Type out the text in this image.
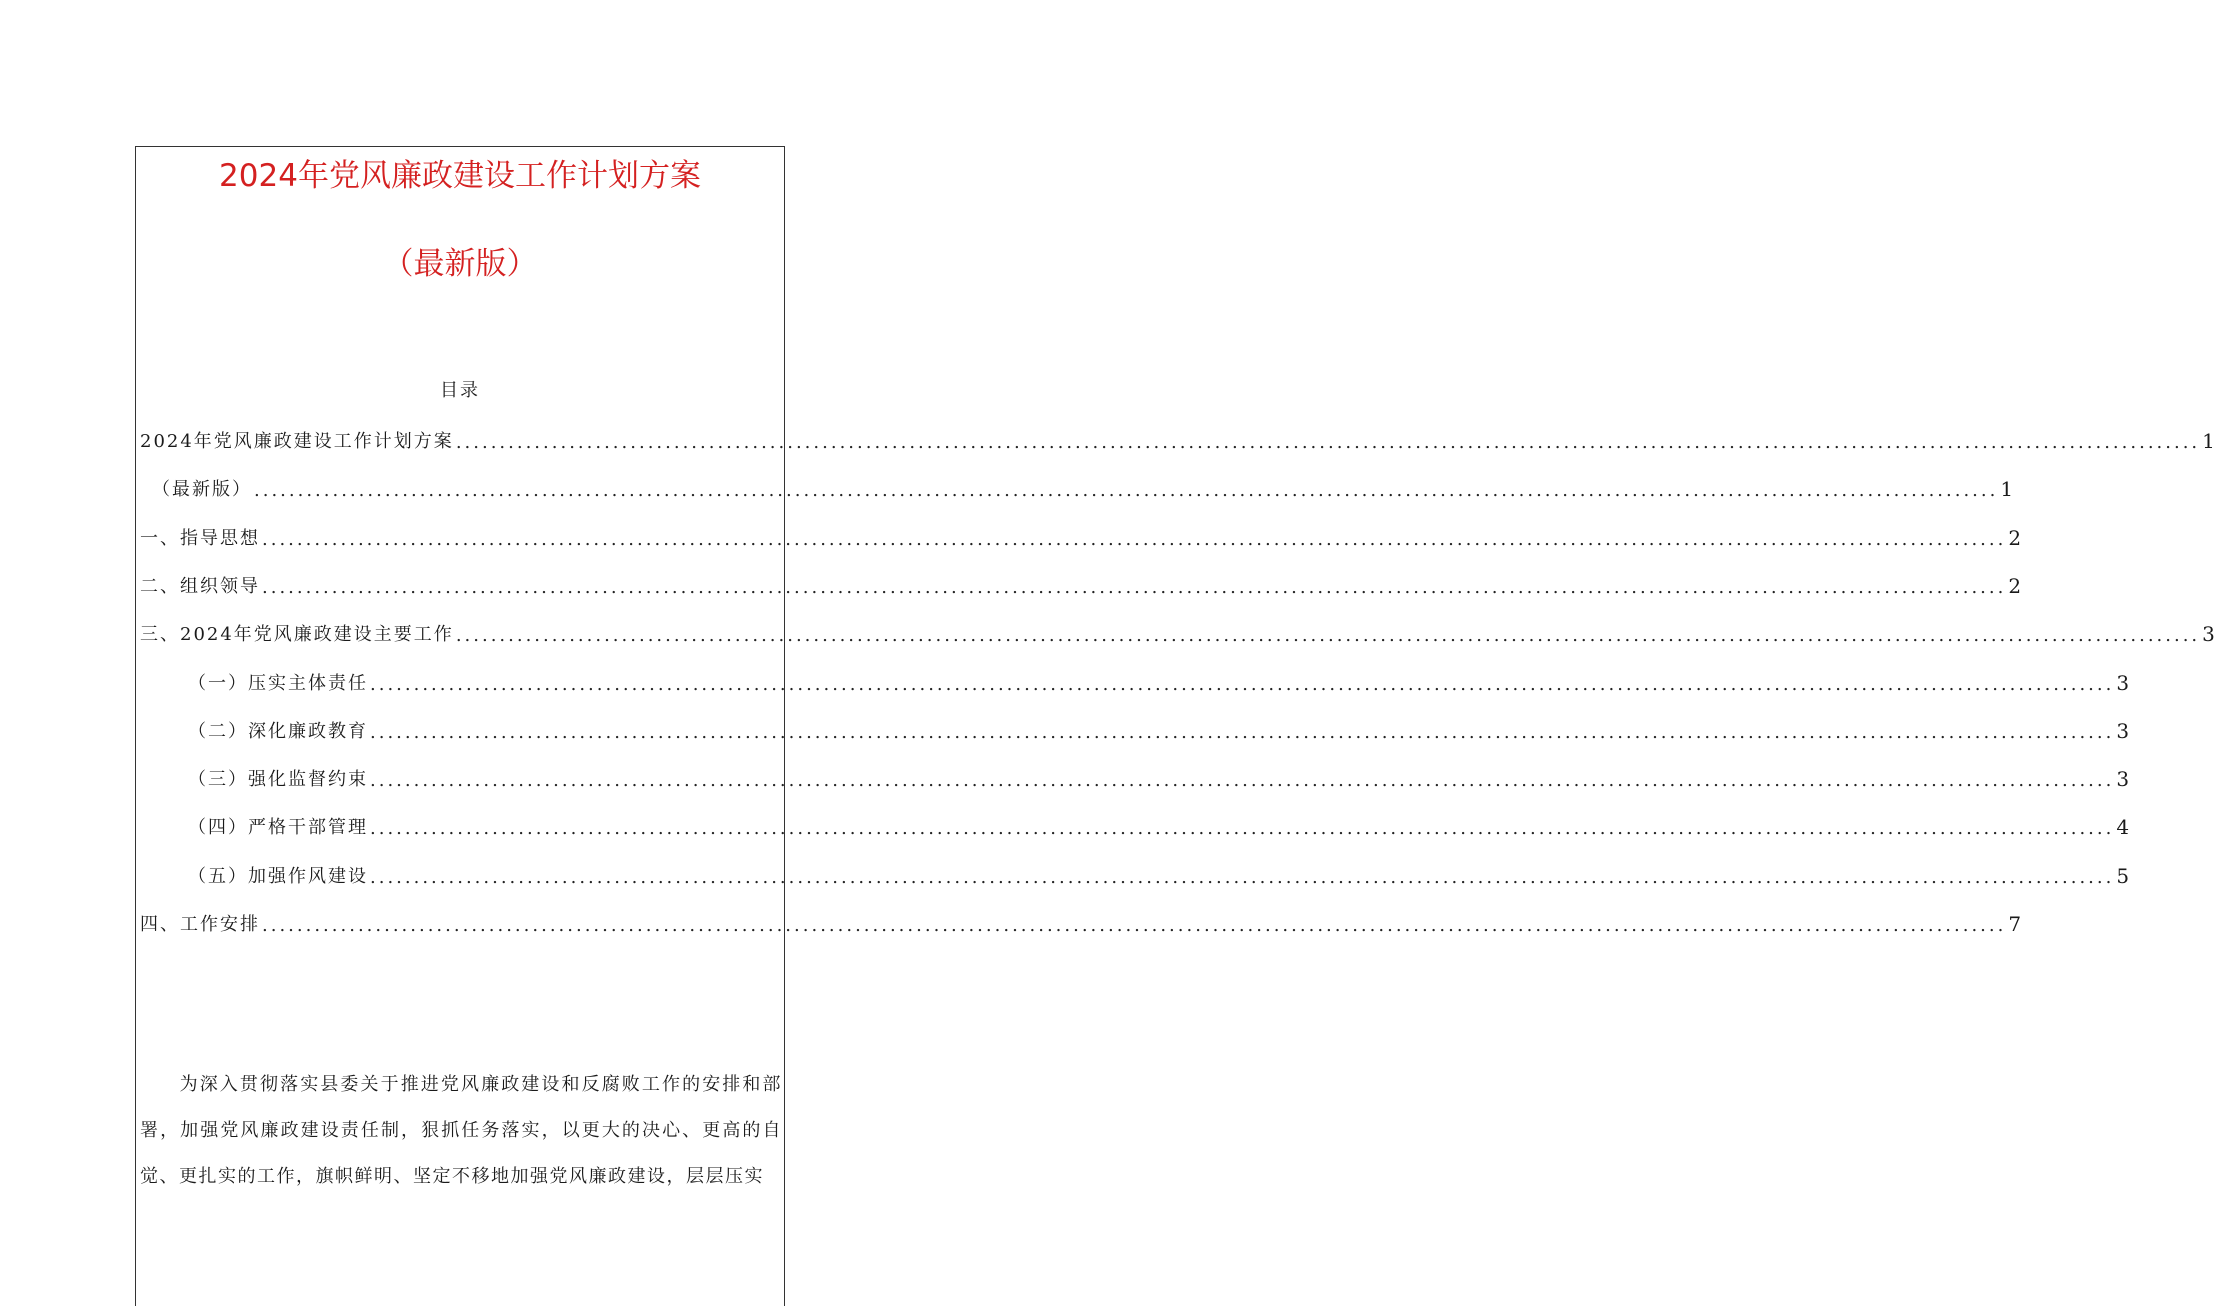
2024年党风廉政建设工作计划方案
（最新版）
目录
2024年党风廉政建设工作计划方案 ........................................................................................................................................................................................................ 1
（最新版） ........................................................................................................................................................................................................ 1
一、指导思想 ........................................................................................................................................................................................................ 2
二、组织领导 ........................................................................................................................................................................................................ 2
三、2024年党风廉政建设主要工作 ........................................................................................................................................................................................................ 3
（一）压实主体责任 ........................................................................................................................................................................................................ 3
（二）深化廉政教育 ........................................................................................................................................................................................................ 3
（三）强化监督约束 ........................................................................................................................................................................................................ 3
（四）严格干部管理 ........................................................................................................................................................................................................ 4
（五）加强作风建设 ........................................................................................................................................................................................................ 5
四、工作安排 ........................................................................................................................................................................................................ 7

为深入贯彻落实县委关于推进党风廉政建设和反腐败工作的安排和部署，加强党风廉政建设责任制，狠抓任务落实，以更大的决心、更高的自觉、更扎实的工作，旗帜鲜明、坚定不移地加强党风廉政建设，层层压实
